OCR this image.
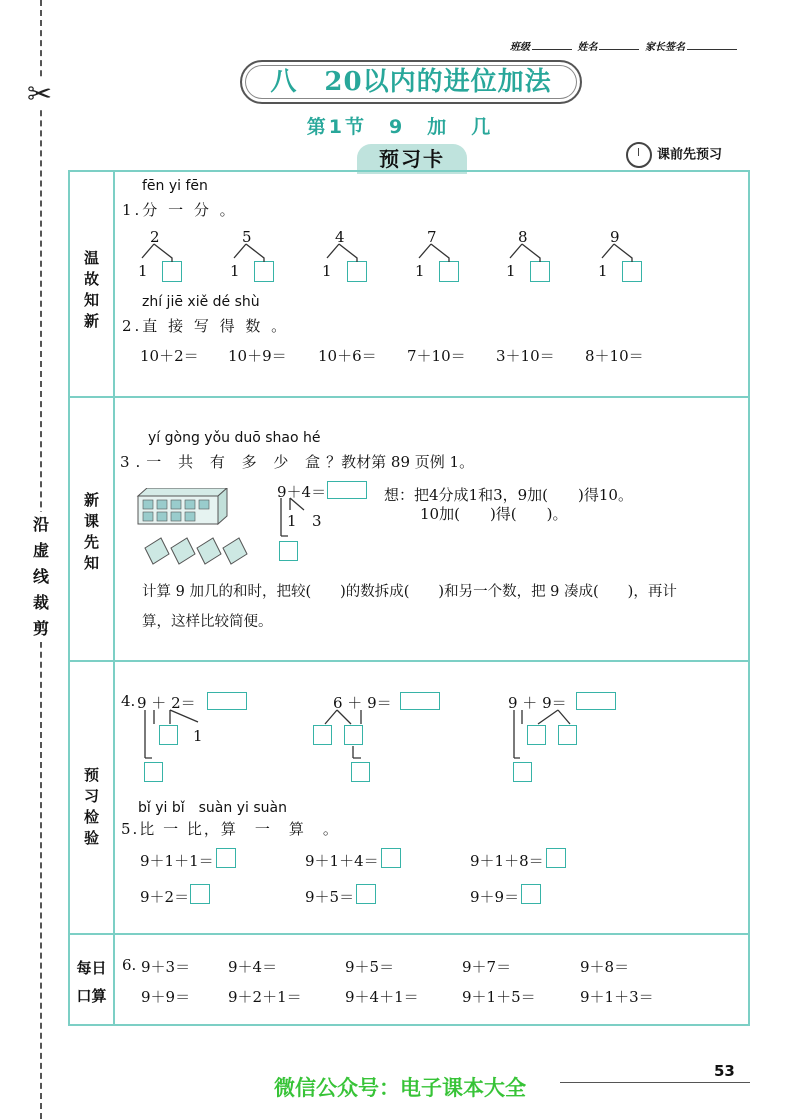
✂
沿
虚
线
裁
剪
班级	姓名	家长签名
八　20以内的进位加法
第1节　9　加　几
预习卡	课前先预习
温
故
知
新
新
课
先
知
预
习
检
验
每日
口算
fēn yi fēn
1.分 一 分 。
2	5	4	7	8	9
1	1	1	1	1	1
zhí jiē xiě dé shù
2.直 接 写 得 数 。
10＋2＝ 10＋9＝ 10＋6＝ 7＋10＝ 3＋10＝ 8＋10＝
yí gòng yǒu duō shao hé
3.一 共 有 多 少 盒？教材第 89 页例 1。
9＋4＝
1 3
想：把4分成1和3，9加(　　)得10。
10加(　　)得(　　)。
计算 9 加几的和时，把较(　　)的数拆成(　　)和另一个数，把 9 凑成(　　)，再计
算，这样比较简便。
4. 9 ＋ 2＝
1
6 ＋ 9＝	9 ＋ 9＝
bǐ yi bǐ　suàn yi suàn
5.比 一 比，算　一　算　。
9＋1＋1＝	9＋1＋4＝	9＋1＋8＝
9＋2＝	9＋5＝	9＋9＝
6. 9＋3＝	9＋4＝	9＋5＝	9＋7＝	9＋8＝
9＋9＝	9＋2＋1＝	9＋4＋1＝	9＋1＋5＝	9＋1＋3＝
53
微信公众号：电子课本大全
